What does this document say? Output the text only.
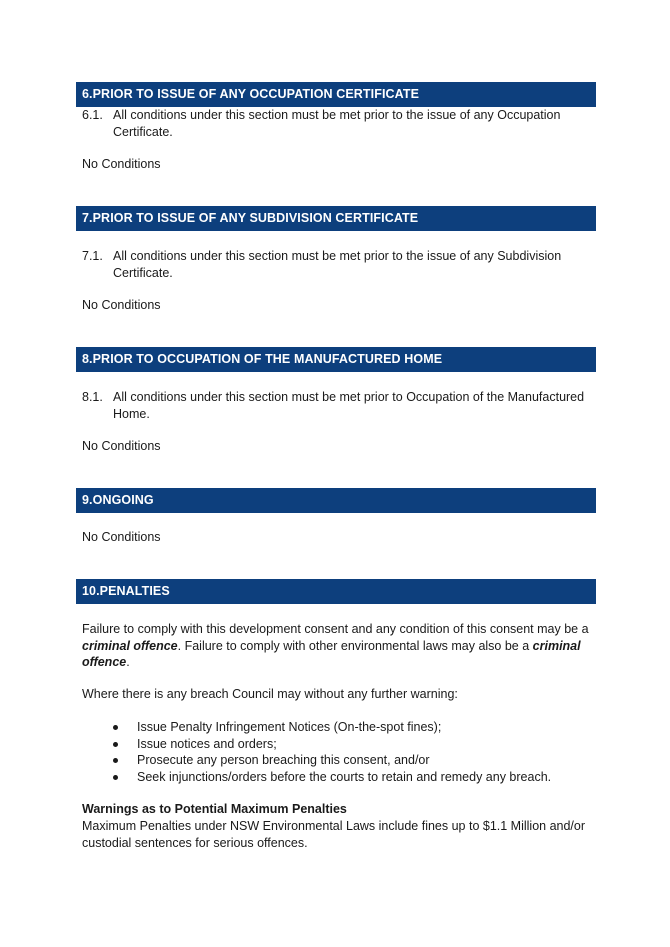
6.PRIOR TO ISSUE OF ANY OCCUPATION CERTIFICATE
6.1. All conditions under this section must be met prior to the issue of any Occupation Certificate.
No Conditions
7.PRIOR TO ISSUE OF ANY SUBDIVISION CERTIFICATE
7.1. All conditions under this section must be met prior to the issue of any Subdivision Certificate.
No Conditions
8.PRIOR TO OCCUPATION OF THE MANUFACTURED HOME
8.1. All conditions under this section must be met prior to Occupation of the Manufactured Home.
No Conditions
9.ONGOING
No Conditions
10.PENALTIES

Failure to comply with this development consent and any condition of this consent may be a criminal offence. Failure to comply with other environmental laws may also be a criminal offence.

Where there is any breach Council may without any further warning:
Issue Penalty Infringement Notices (On-the-spot fines);
Issue notices and orders;
Prosecute any person breaching this consent, and/or
Seek injunctions/orders before the courts to retain and remedy any breach.
Warnings as to Potential Maximum Penalties
Maximum Penalties under NSW Environmental Laws include fines up to $1.1 Million and/or custodial sentences for serious offences.
